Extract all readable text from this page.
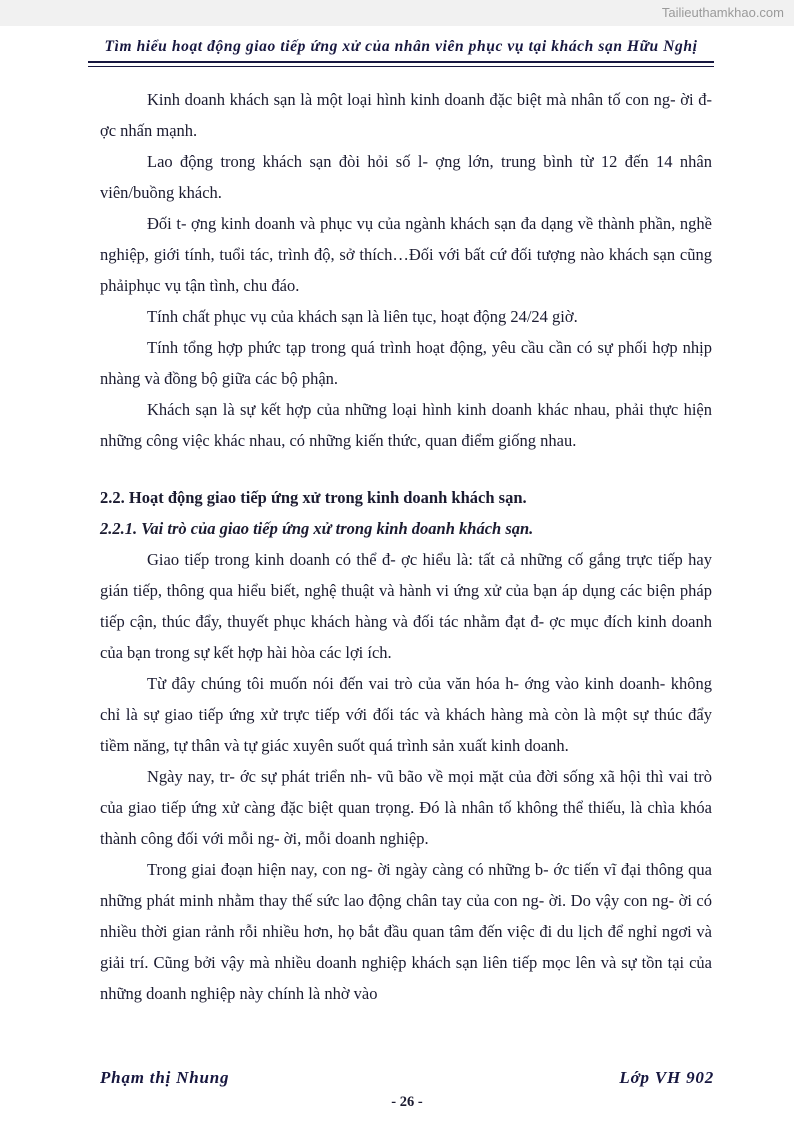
Tailieuthamkhao.com
Tìm hiểu hoạt động giao tiếp ứng xử của nhân viên phục vụ tại khách sạn Hữu Nghị

Kinh doanh khách sạn là một loại hình kinh doanh đặc biệt mà nhân tố con ng- ời đ- ợc nhấn mạnh.

Lao động trong khách sạn đòi hỏi số l- ợng lớn, trung bình từ 12 đến 14 nhân viên/buồng khách.

Đối t- ợng kinh doanh và phục vụ của ngành khách sạn đa dạng về thành phần, nghề nghiệp, giới tính, tuổi tác, trình độ, sở thích…Đối với bất cứ đối tượng nào khách sạn cũng phảiphục vụ tận tình, chu đáo.

Tính chất phục vụ của khách sạn là liên tục, hoạt động 24/24 giờ.

Tính tổng hợp phức tạp trong quá trình hoạt động, yêu cầu cần có sự phối hợp nhịp nhàng và đồng bộ giữa các bộ phận.

Khách sạn là sự kết hợp của những loại hình kinh doanh khác nhau, phải thực hiện những công việc khác nhau, có những kiến thức, quan điểm giống nhau.

2.2. Hoạt động giao tiếp ứng xử trong kinh doanh khách sạn.

2.2.1. Vai trò của giao tiếp ứng xử trong kinh doanh khách sạn.

Giao tiếp trong kinh doanh có thể đ- ợc hiểu là: tất cả những cố gắng trực tiếp hay gián tiếp, thông qua hiểu biết, nghệ thuật và hành vi ứng xử của bạn áp dụng các biện pháp tiếp cận, thúc đẩy, thuyết phục khách hàng và đối tác nhằm đạt đ- ợc mục đích kinh doanh của bạn trong sự kết hợp hài hòa các lợi ích.

Từ đây chúng tôi muốn nói đến vai trò của văn hóa h- ớng vào kinh doanh- không chỉ là sự giao tiếp ứng xử trực tiếp với đối tác và khách hàng mà còn là một sự thúc đẩy tiềm năng, tự thân và tự giác xuyên suốt quá trình sản xuất kinh doanh.

Ngày nay, tr- ớc sự phát triển nh- vũ bão về mọi mặt của đời sống xã hội thì vai trò của giao tiếp ứng xử càng đặc biệt quan trọng. Đó là nhân tố không thể thiếu, là chìa khóa thành công đối với mỗi ng- ời, mỗi doanh nghiệp.

Trong giai đoạn hiện nay, con ng- ời ngày càng có những b- ớc tiến vĩ đại thông qua những phát minh nhằm thay thế sức lao động chân tay của con ng- ời. Do vậy con ng- ời có nhiều thời gian rảnh rỗi nhiều hơn, họ bắt đầu quan tâm đến việc đi du lịch để nghỉ ngơi và giải trí. Cũng bởi vậy mà nhiều doanh nghiệp khách sạn liên tiếp mọc lên và sự tồn tại của những doanh nghiệp này chính là nhờ vào

Phạm thị Nhung	Lớp VH 902
- 26 -
